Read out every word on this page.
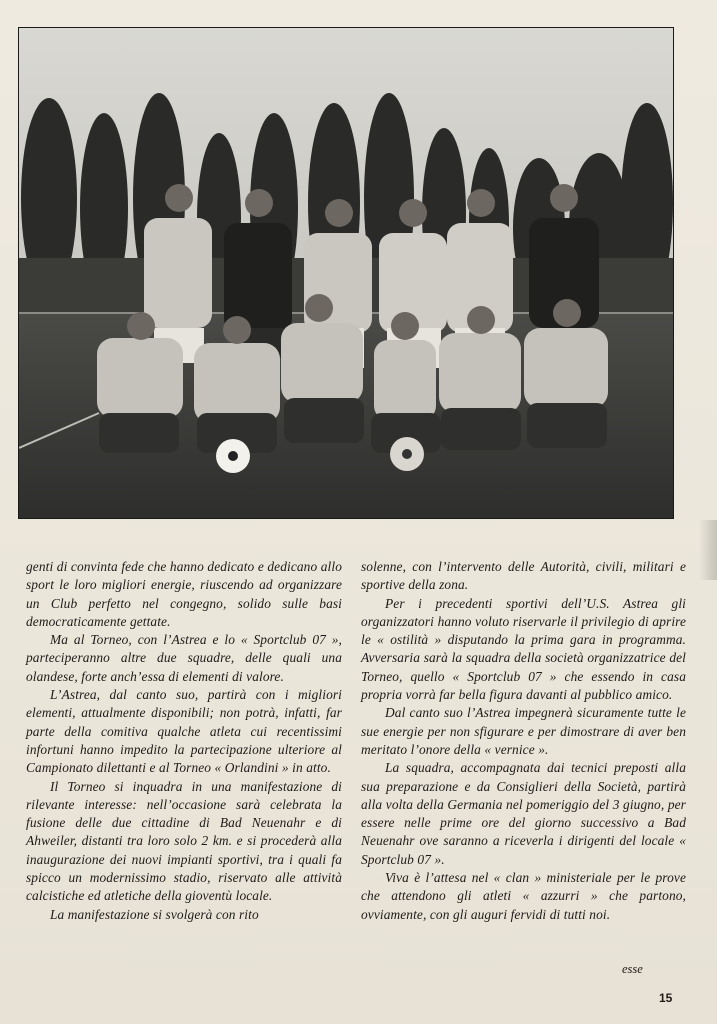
genti di convinta fede che hanno dedicato e dedicano allo sport le loro migliori energie, riuscendo ad organizzare un Club perfetto nel congegno, solido sulle basi democraticamente gettate.

Ma al Torneo, con l’Astrea e lo « Sportclub 07 », parteciperanno altre due squadre, delle quali una olandese, forte anch’essa di elementi di valore.

L’Astrea, dal canto suo, partirà con i migliori elementi, attualmente disponibili; non potrà, infatti, far parte della comitiva qualche atleta cui recentissimi infortuni hanno impedito la partecipazione ulteriore al Campionato dilettanti e al Torneo « Orlandini » in atto.

Il Torneo si inquadra in una manifestazione di rilevante interesse: nell’occasione sarà celebrata la fusione delle due cittadine di Bad Neuenahr e di Ahweiler, distanti tra loro solo 2 km. e si procederà alla inaugurazione dei nuovi impianti sportivi, tra i quali fa spicco un modernissimo stadio, riservato alle attività calcistiche ed atletiche della gioventù locale.

La manifestazione si svolgerà con rito

solenne, con l’intervento delle Autorità, civili, militari e sportive della zona.

Per i precedenti sportivi dell’U.S. Astrea gli organizzatori hanno voluto riservarle il privilegio di aprire le « ostilità » disputando la prima gara in programma. Avversaria sarà la squadra della società organizzatrice del Torneo, quello « Sportclub 07 » che essendo in casa propria vorrà far bella figura davanti al pubblico amico.

Dal canto suo l’Astrea impegnerà sicuramente tutte le sue energie per non sfigurare e per dimostrare di aver ben meritato l’onore della « vernice ».

La squadra, accompagnata dai tecnici preposti alla sua preparazione e da Consiglieri della Società, partirà alla volta della Germania nel pomeriggio del 3 giugno, per essere nelle prime ore del giorno successivo a Bad Neuenahr ove saranno a riceverla i dirigenti del locale « Sportclub 07 ».

Viva è l’attesa nel « clan » ministeriale per le prove che attendono gli atleti « azzurri » che partono, ovviamente, con gli auguri fervidi di tutti noi.

esse
15
